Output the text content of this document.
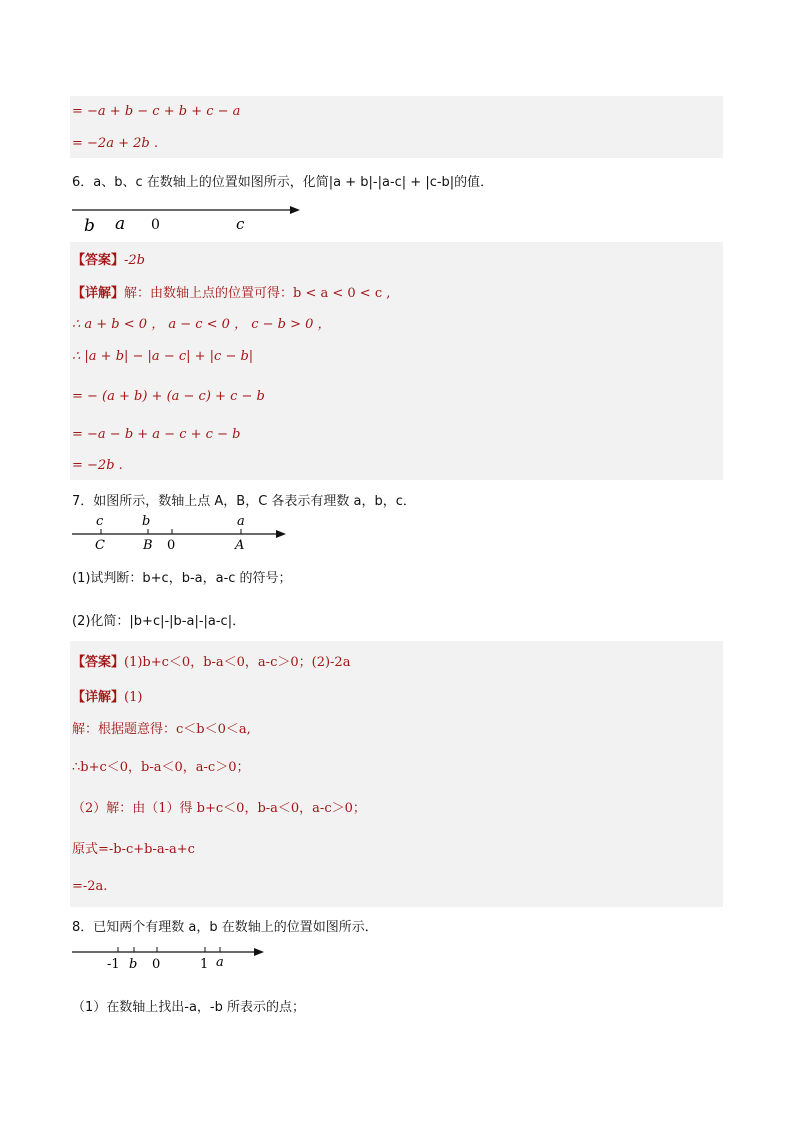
= −a + b − c + b + c − a
= −2a + 2b .
6．a、b、c 在数轴上的位置如图所示，化简|a + b|-|a-c| + |c-b|的值．
b a 0	c
【答案】-2b
【详解】解：由数轴上点的位置可得：b < a < 0 < c ,
∴ a + b < 0 ， a − c < 0 ， c − b > 0 ，
∴ |a + b| − |a − c| + |c − b|
= − (a + b) + (a − c) + c − b
= −a − b + a − c + c − b
= −2b .
7．如图所示，数轴上点 A，B，C 各表示有理数 a，b，c．
c	b	a
C	B 0	A
(1)试判断：b+c，b-a，a-c 的符号；
(2)化简：|b+c|-|b-a|-|a-c|．
【答案】(1)b+c＜0，b-a＜0，a-c＞0；(2)-2a
【详解】(1)
解：根据题意得：c＜b＜0＜a,
∴b+c＜0，b-a＜0，a-c＞0；
（2）解：由（1）得 b+c＜0，b-a＜0，a-c＞0；
原式=-b-c+b-a-a+c
=-2a.
8．已知两个有理数 a，b 在数轴上的位置如图所示．
-1 b 0	1 a
（1）在数轴上找出-a，-b 所表示的点；
